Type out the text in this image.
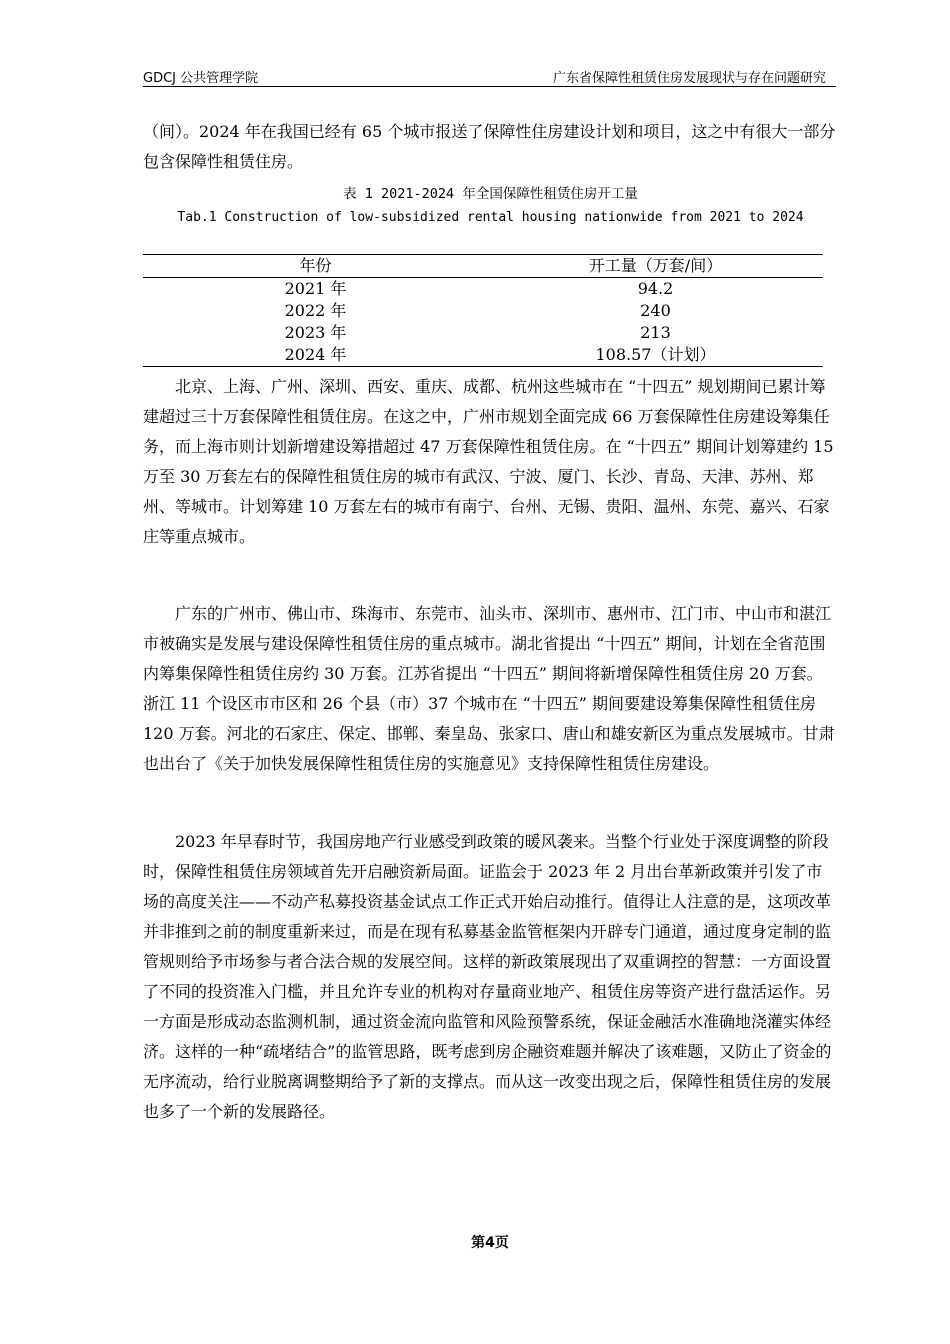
GDCJ 公共管理学院	广东省保障性租赁住房发展现状与存在问题研究

（间）。2024 年在我国已经有 65 个城市报送了保障性住房建设计划和项目，这之中有很大一部分包含保障性租赁住房。

表 1 2021-2024 年全国保障性租赁住房开工量
Tab.1 Construction of low-subsidized rental housing nationwide from 2021 to 2024
年份	开工量（万套/间）
2021 年	94.2
2022 年	240
2023 年	213
2024 年	108.57（计划）

北京、上海、广州、深圳、西安、重庆、成都、杭州这些城市在 “十四五” 规划期间已累计筹建超过三十万套保障性租赁住房。在这之中，广州市规划全面完成 66 万套保障性住房建设筹集任务，而上海市则计划新增建设筹措超过 47 万套保障性租赁住房。在 “十四五” 期间计划筹建约 15 万至 30 万套左右的保障性租赁住房的城市有武汉、宁波、厦门、长沙、青岛、天津、苏州、郑州、等城市。计划筹建 10 万套左右的城市有南宁、台州、无锡、贵阳、温州、东莞、嘉兴、石家庄等重点城市。

广东的广州市、佛山市、珠海市、东莞市、汕头市、深圳市、惠州市、江门市、中山市和湛江市被确实是发展与建设保障性租赁住房的重点城市。湖北省提出 “十四五” 期间，计划在全省范围内筹集保障性租赁住房约 30 万套。江苏省提出 “十四五” 期间将新增保障性租赁住房 20 万套。浙江 11 个设区市市区和 26 个县（市）37 个城市在 “十四五” 期间要建设筹集保障性租赁住房 120 万套。河北的石家庄、保定、邯郸、秦皇岛、张家口、唐山和雄安新区为重点发展城市。甘肃也出台了《关于加快发展保障性租赁住房的实施意见》支持保障性租赁住房建设。

2023 年早春时节，我国房地产行业感受到政策的暖风袭来。当整个行业处于深度调整的阶段时，保障性租赁住房领域首先开启融资新局面。证监会于 2023 年 2 月出台革新政策并引发了市场的高度关注——不动产私募投资基金试点工作正式开始启动推行。值得让人注意的是，这项改革并非推到之前的制度重新来过，而是在现有私募基金监管框架内开辟专门通道，通过度身定制的监管规则给予市场参与者合法合规的发展空间。这样的新政策展现出了双重调控的智慧：一方面设置了不同的投资准入门槛，并且允许专业的机构对存量商业地产、租赁住房等资产进行盘活运作。另一方面是形成动态监测机制，通过资金流向监管和风险预警系统，保证金融活水准确地浇灌实体经济。这样的一种“疏堵结合”的监管思路，既考虑到房企融资难题并解决了该难题，又防止了资金的无序流动，给行业脱离调整期给予了新的支撑点。而从这一改变出现之后，保障性租赁住房的发展也多了一个新的发展路径。

第4页
